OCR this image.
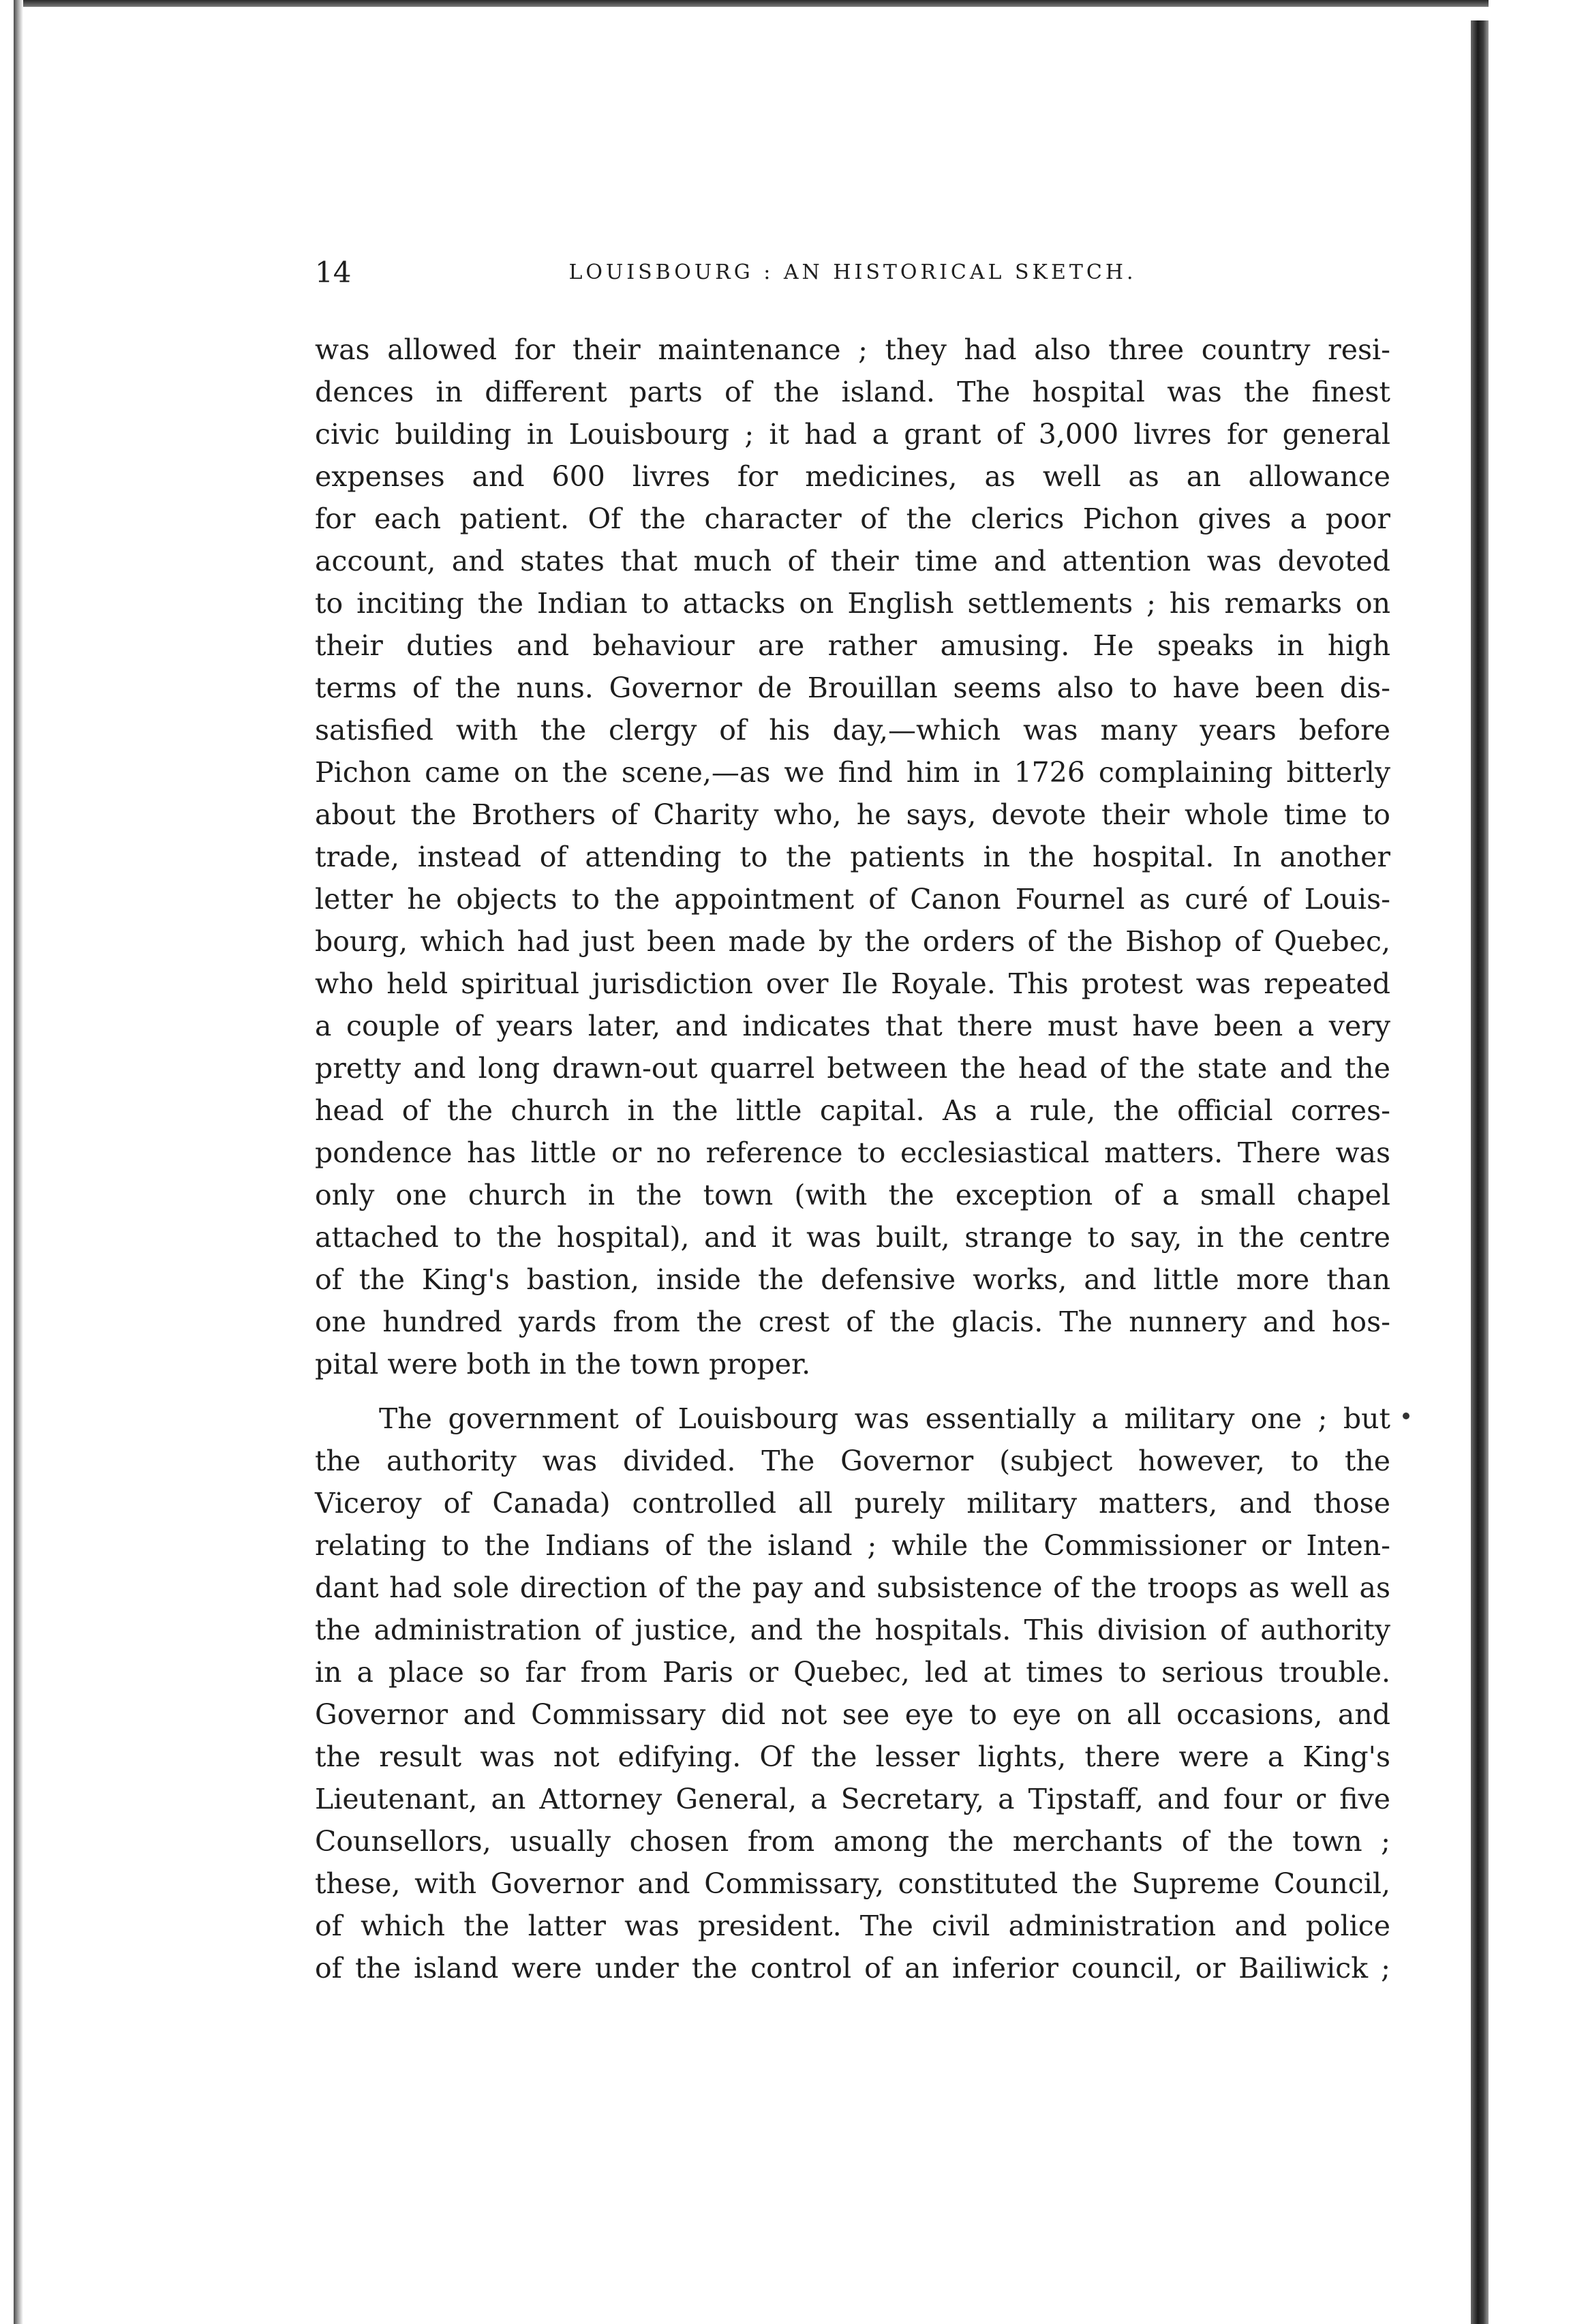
14	LOUISBOURG : AN HISTORICAL SKETCH.
was allowed for their maintenance ; they had also three country resi-
dences in different parts of the island. The hospital was the finest
civic building in Louisbourg ; it had a grant of 3,000 livres for general
expenses and 600 livres for medicines, as well as an allowance
for each patient. Of the character of the clerics Pichon gives a poor
account, and states that much of their time and attention was devoted
to inciting the Indian to attacks on English settlements ; his remarks on
their duties and behaviour are rather amusing. He speaks in high
terms of the nuns. Governor de Brouillan seems also to have been dis-
satisfied with the clergy of his day,—which was many years before
Pichon came on the scene,—as we find him in 1726 complaining bitterly
about the Brothers of Charity who, he says, devote their whole time to
trade, instead of attending to the patients in the hospital. In another
letter he objects to the appointment of Canon Fournel as curé of Louis-
bourg, which had just been made by the orders of the Bishop of Quebec,
who held spiritual jurisdiction over Ile Royale. This protest was repeated
a couple of years later, and indicates that there must have been a very
pretty and long drawn-out quarrel between the head of the state and the
head of the church in the little capital. As a rule, the official corres-
pondence has little or no reference to ecclesiastical matters. There was
only one church in the town (with the exception of a small chapel
attached to the hospital), and it was built, strange to say, in the centre
of the King's bastion, inside the defensive works, and little more than
one hundred yards from the crest of the glacis. The nunnery and hos-
pital were both in the town proper.
The government of Louisbourg was essentially a military one ; but
the authority was divided. The Governor (subject however, to the
Viceroy of Canada) controlled all purely military matters, and those
relating to the Indians of the island ; while the Commissioner or Inten-
dant had sole direction of the pay and subsistence of the troops as well as
the administration of justice, and the hospitals. This division of authority
in a place so far from Paris or Quebec, led at times to serious trouble.
Governor and Commissary did not see eye to eye on all occasions, and
the result was not edifying. Of the lesser lights, there were a King's
Lieutenant, an Attorney General, a Secretary, a Tipstaff, and four or five
Counsellors, usually chosen from among the merchants of the town ;
these, with Governor and Commissary, constituted the Supreme Council,
of which the latter was president. The civil administration and police
of the island were under the control of an inferior council, or Bailiwick ;
